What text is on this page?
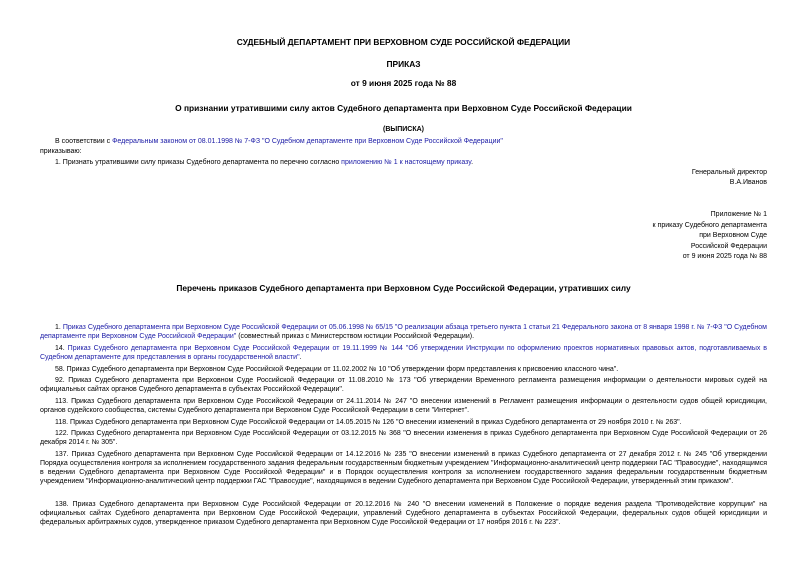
СУДЕБНЫЙ ДЕПАРТАМЕНТ ПРИ ВЕРХОВНОМ СУДЕ РОССИЙСКОЙ ФЕДЕРАЦИИ
ПРИКАЗ
от 9 июня 2025 года № 88
О признании утратившими силу актов Судебного департамента при Верховном Суде Российской Федерации
(ВЫПИСКА)
В соответствии с Федеральным законом от 08.01.1998 № 7-ФЗ "О Судебном департаменте при Верховном Суде Российской Федерации"
приказываю:
1. Признать утратившими силу приказы Судебного департамента по перечню согласно приложению № 1 к настоящему приказу.
Генеральный директор
В.А.Иванов
Приложение № 1
к приказу Судебного департамента
при Верховном Суде
Российской Федерации
от 9 июня 2025 года № 88
Перечень приказов Судебного департамента при Верховном Суде Российской Федерации, утративших силу
1. Приказ Судебного департамента при Верховном Суде Российской Федерации от 05.06.1998 № 65/15 "О реализации абзаца третьего пункта 1 статьи 21 Федерального закона от 8 января 1998 г. № 7-ФЗ "О Судебном департаменте при Верховном Суде Российской Федерации" (совместный приказ с Министерством юстиции Российской Федерации).
14. Приказ Судебного департамента при Верховном Суде Российской Федерации от 19.11.1999 № 144 "Об утверждении Инструкции по оформлению проектов нормативных правовых актов, подготавливаемых в Судебном департаменте для представления в органы государственной власти".
58. Приказ Судебного департамента при Верховном Суде Российской Федерации от 11.02.2002 № 10 "Об утверждении форм представления к присвоению классного чина".
92. Приказ Судебного департамента при Верховном Суде Российской Федерации от 11.08.2010 № 173 "Об утверждении Временного регламента размещения информации о деятельности мировых судей на официальных сайтах органов Судебного департамента в субъектах Российской Федерации".
113. Приказ Судебного департамента при Верховном Суде Российской Федерации от 24.11.2014 № 247 "О внесении изменений в Регламент размещения информации о деятельности судов общей юрисдикции, органов судейского сообщества, системы Судебного департамента при Верховном Суде Российской Федерации в сети "Интернет".
118. Приказ Судебного департамента при Верховном Суде Российской Федерации от 14.05.2015 № 126 "О внесении изменений в приказ Судебного департамента от 29 ноября 2010 г. № 263".
122. Приказ Судебного департамента при Верховном Суде Российской Федерации от 03.12.2015 № 368 "О внесении изменения в приказ Судебного департамента при Верховном Суде Российской Федерации от 26 декабря 2014 г. № 305".
137. Приказ Судебного департамента при Верховном Суде Российской Федерации от 14.12.2016 № 235 "О внесении изменений в приказ Судебного департамента от 27 декабря 2012 г. № 245 "Об утверждении Порядка осуществления контроля за исполнением государственного задания федеральным государственным бюджетным учреждением "Информационно-аналитический центр поддержки ГАС "Правосудие", находящимся в ведении Судебного департамента при Верховном Суде Российской Федерации" и в Порядок осуществления контроля за исполнением государственного задания федеральным государственным бюджетным учреждением "Информационно-аналитический центр поддержки ГАС "Правосудие", находящимся в ведении Судебного департамента при Верховном Суде Российской Федерации, утвержденный этим приказом".
138. Приказ Судебного департамента при Верховном Суде Российской Федерации от 20.12.2016 № 240 "О внесении изменений в Положение о порядке ведения раздела "Противодействие коррупции" на официальных сайтах Судебного департамента при Верховном Суде Российской Федерации, управлений Судебного департамента в субъектах Российской Федерации, федеральных судов общей юрисдикции и федеральных арбитражных судов, утвержденное приказом Судебного департамента при Верховном Суде Российской Федерации от 17 ноября 2016 г. № 223".
